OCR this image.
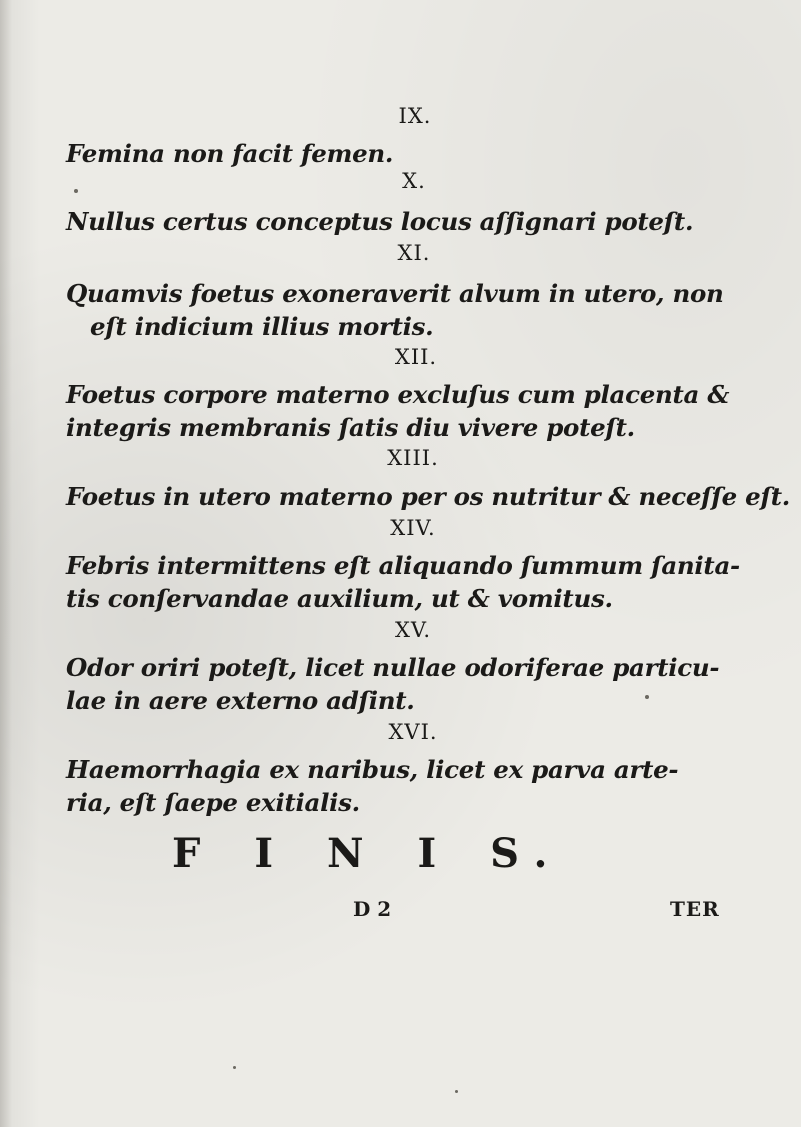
IX.
Femina non facit femen.
X.
Nullus certus conceptus locus aſſignari poteſt.
XI.
Quamvis foetus exoneraverit alvum in utero, non
eſt indicium illius mortis.
XII.
Foetus corpore materno excluſus cum placenta &
integris membranis ſatis diu vivere poteſt.
XIII.
Foetus in utero materno per os nutritur & neceſſe eſt.
XIV.
Febris intermittens eſt aliquando ſummum ſanita-
tis conſervandae auxilium, ut & vomitus.
XV.
Odor oriri poteſt, licet nullae odoriferae particu-
lae in aere externo adſint.
XVI.
Haemorrhagia ex naribus, licet ex parva arte-
ria, eſt ſaepe exitialis.
F I N I S.
D 2	TER
